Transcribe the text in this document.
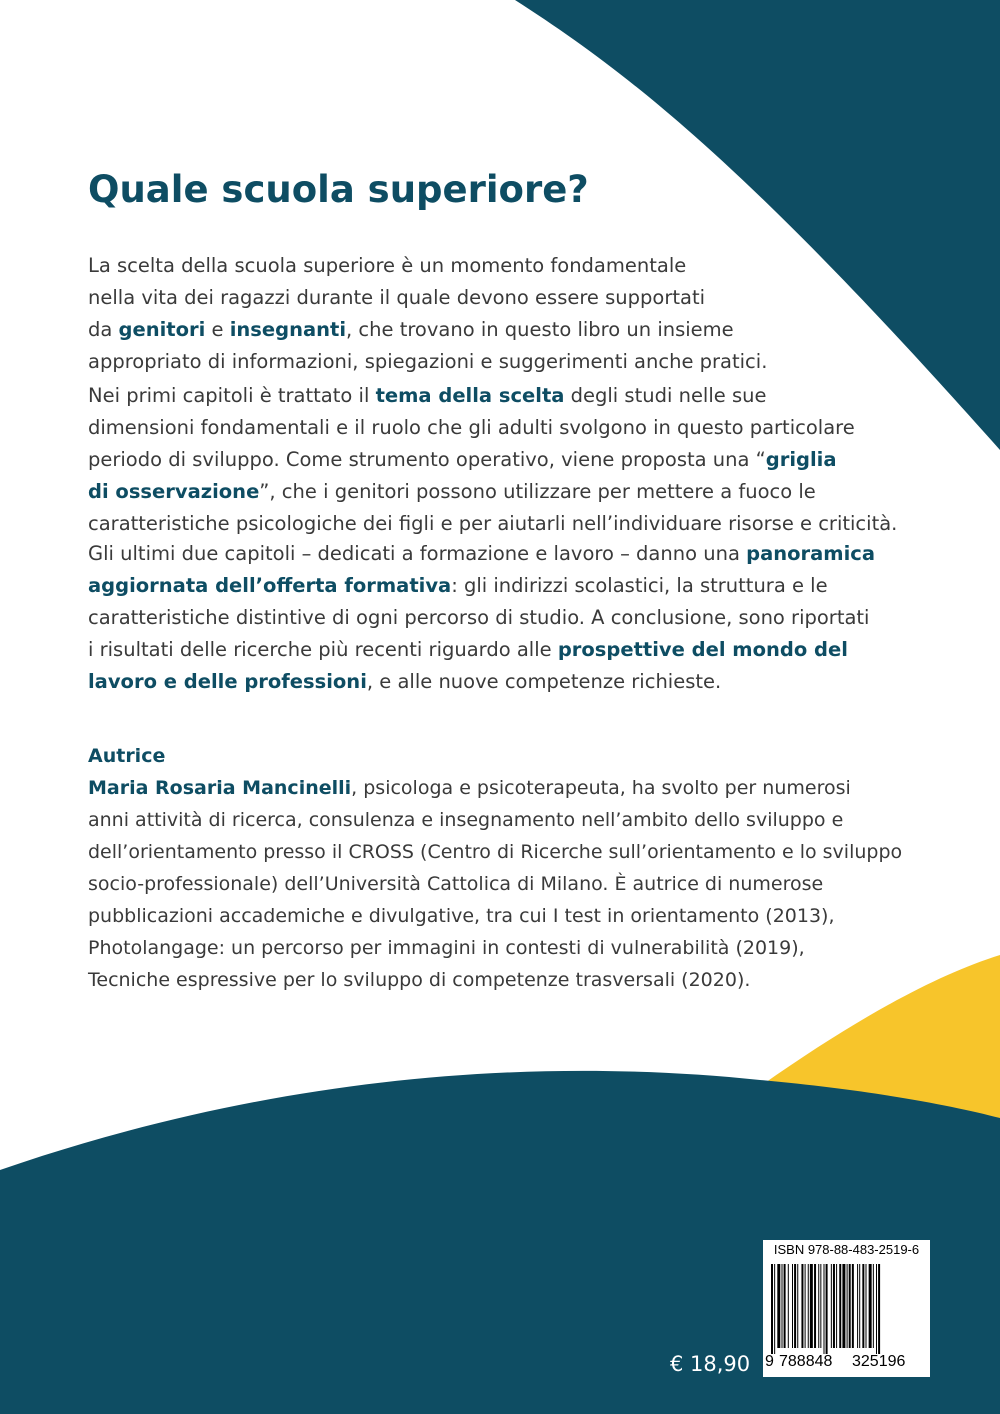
Quale scuola superiore?

La scelta della scuola superiore è un momento fondamentale
nella vita dei ragazzi durante il quale devono essere supportati
da genitori e insegnanti, che trovano in questo libro un insieme
appropriato di informazioni, spiegazioni e suggerimenti anche pratici.

Nei primi capitoli è trattato il tema della scelta degli studi nelle sue
dimensioni fondamentali e il ruolo che gli adulti svolgono in questo particolare
periodo di sviluppo. Come strumento operativo, viene proposta una “griglia
di osservazione”, che i genitori possono utilizzare per mettere a fuoco le
caratteristiche psicologiche dei figli e per aiutarli nell’individuare risorse e criticità.

Gli ultimi due capitoli – dedicati a formazione e lavoro – danno una panoramica
aggiornata dell’offerta formativa: gli indirizzi scolastici, la struttura e le
caratteristiche distintive di ogni percorso di studio. A conclusione, sono riportati
i risultati delle ricerche più recenti riguardo alle prospettive del mondo del
lavoro e delle professioni, e alle nuove competenze richieste.

Autrice
Maria Rosaria Mancinelli, psicologa e psicoterapeuta, ha svolto per numerosi
anni attività di ricerca, consulenza e insegnamento nell’ambito dello sviluppo e
dell’orientamento presso il CROSS (Centro di Ricerche sull’orientamento e lo sviluppo
socio-professionale) dell’Università Cattolica di Milano. È autrice di numerose
pubblicazioni accademiche e divulgative, tra cui I test in orientamento (2013),
Photolangage: un percorso per immagini in contesti di vulnerabilità (2019),
Tecniche espressive per lo sviluppo di competenze trasversali (2020).
€ 18,90
ISBN 978-88-483-2519-6
9 788848 325196
